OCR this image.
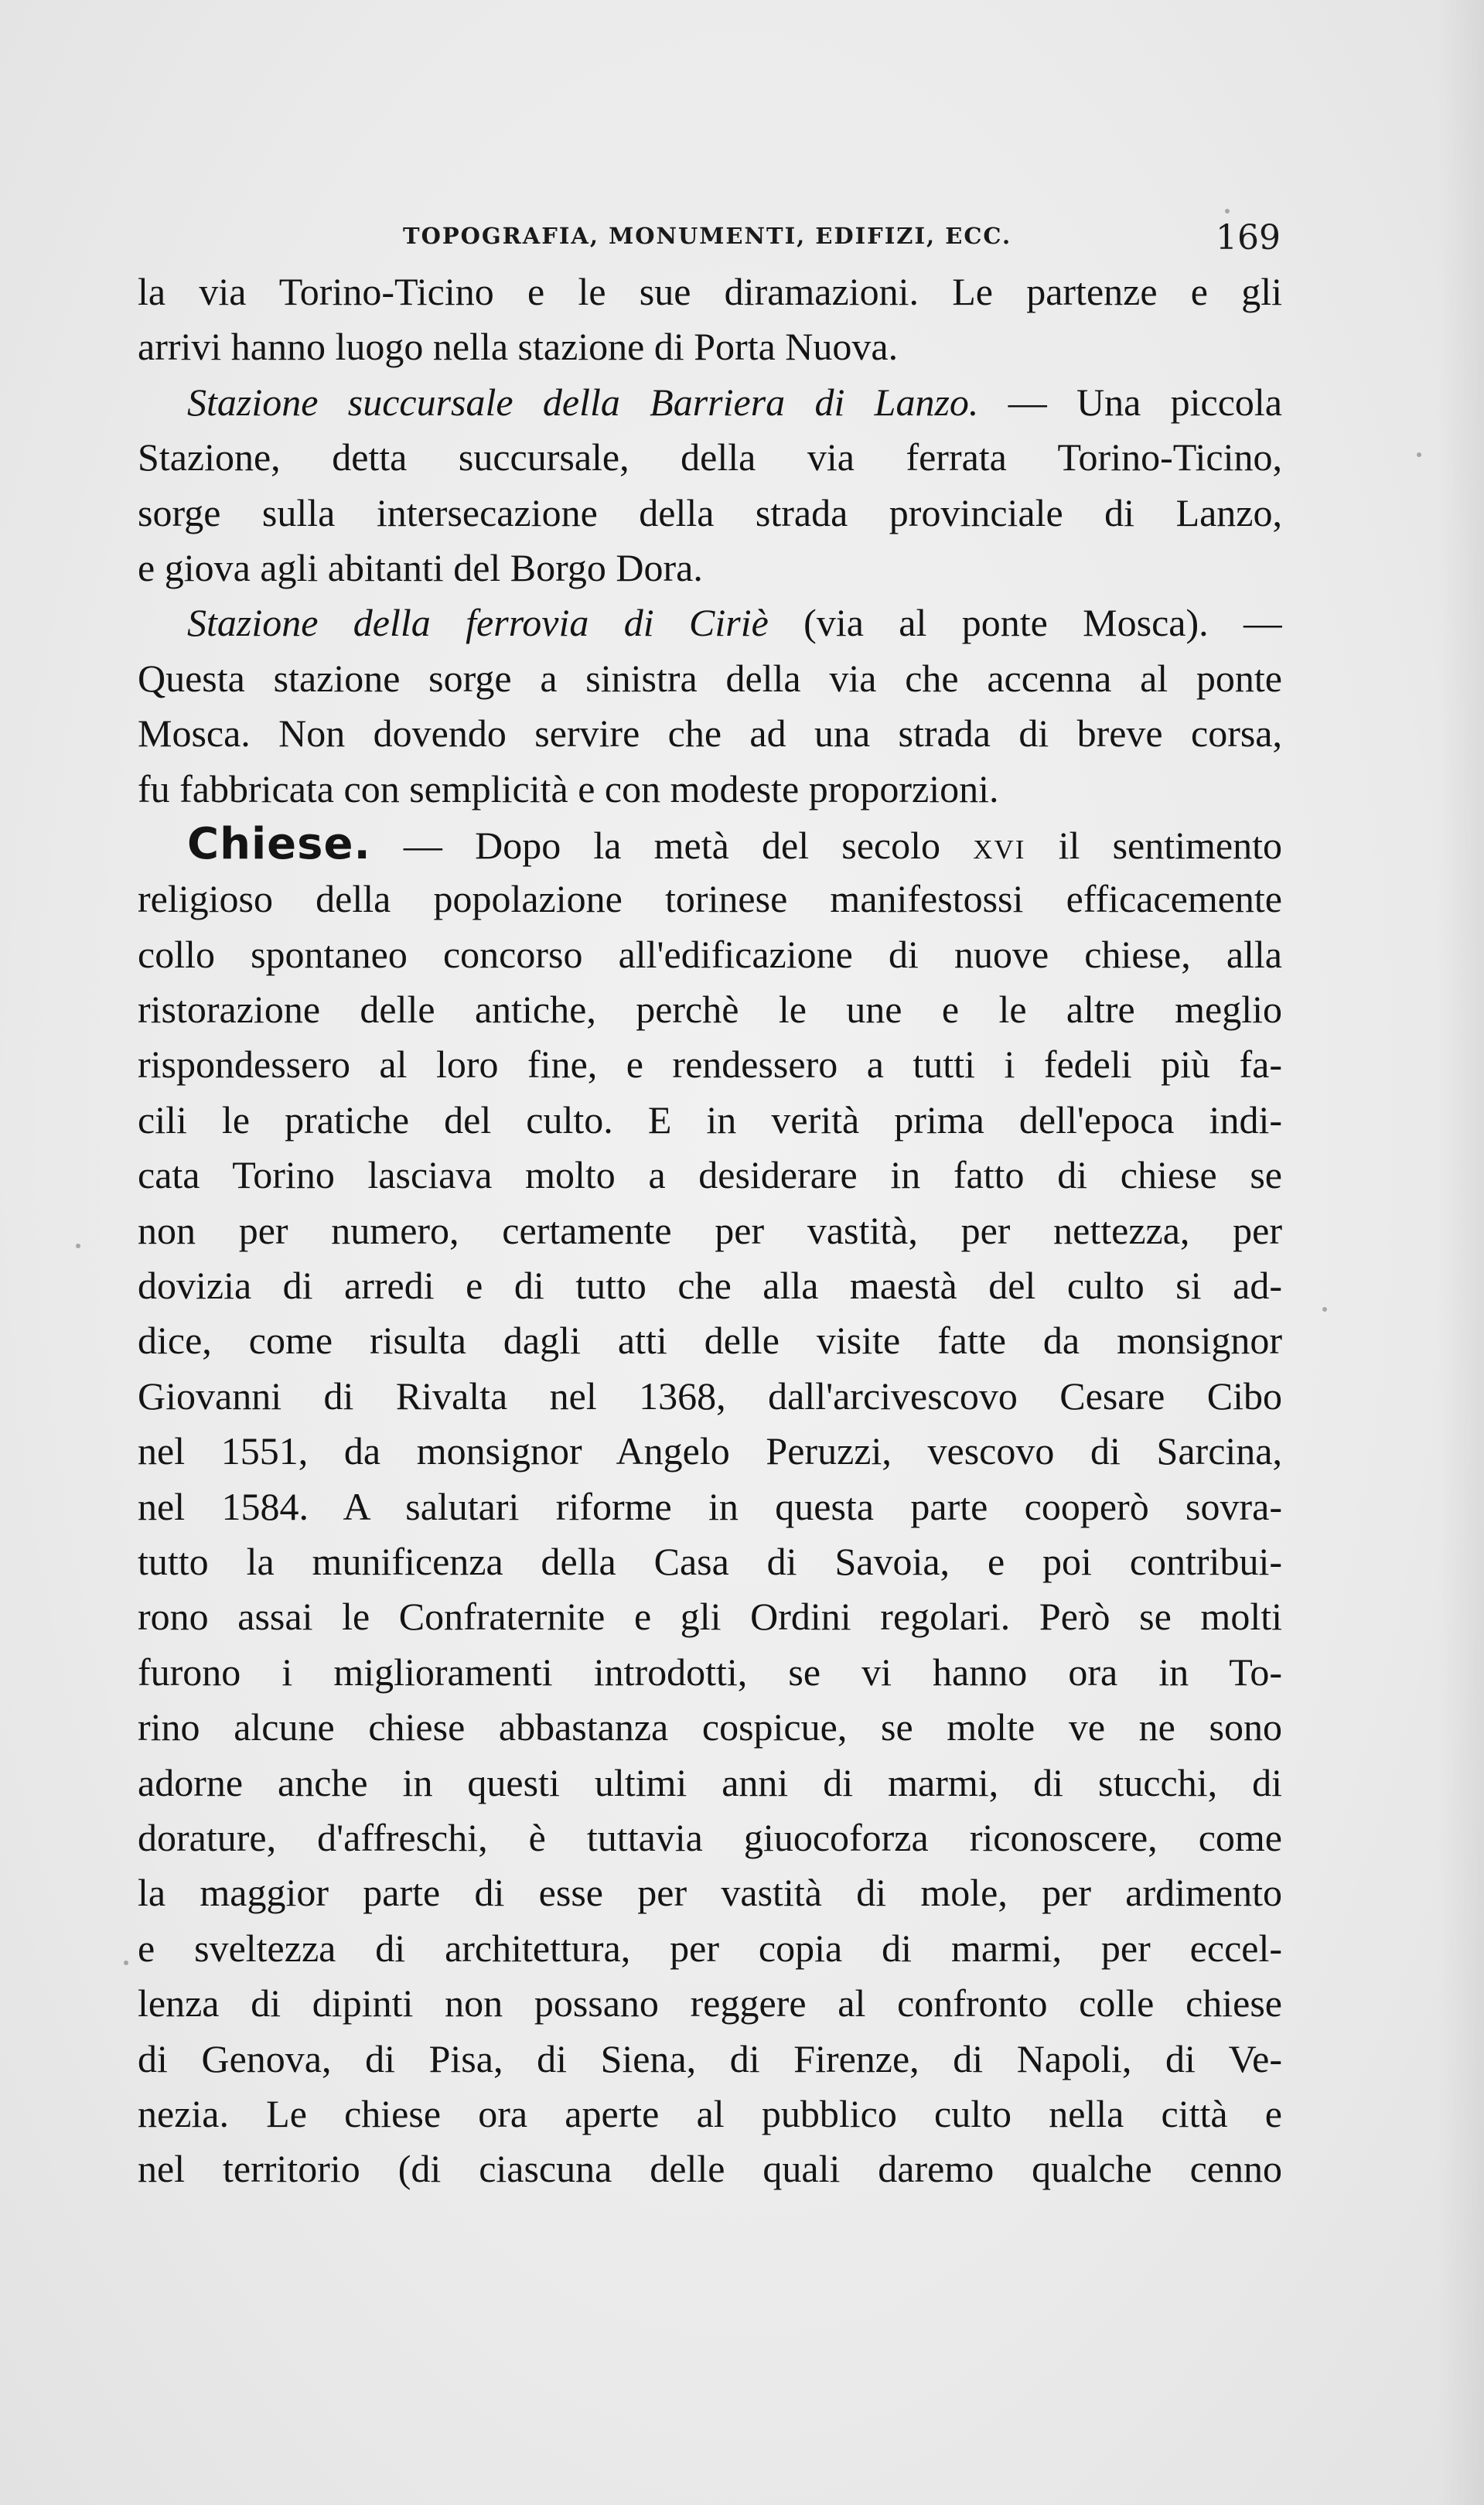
TOPOGRAFIA, MONUMENTI, EDIFIZI, ECC.	169
la via Torino-Ticino e le sue diramazioni. Le partenze e gli
arrivi hanno luogo nella stazione di Porta Nuova.
Stazione succursale della Barriera di Lanzo. — Una piccola
Stazione, detta succursale, della via ferrata Torino-Ticino,
sorge sulla intersecazione della strada provinciale di Lanzo,
e giova agli abitanti del Borgo Dora.
Stazione della ferrovia di Ciriè (via al ponte Mosca). —
Questa stazione sorge a sinistra della via che accenna al ponte
Mosca. Non dovendo servire che ad una strada di breve corsa,
fu fabbricata con semplicità e con modeste proporzioni.
Chiese. — Dopo la metà del secolo xvi il sentimento
religioso della popolazione torinese manifestossi efficacemente
collo spontaneo concorso all'edificazione di nuove chiese, alla
ristorazione delle antiche, perchè le une e le altre meglio
rispondessero al loro fine, e rendessero a tutti i fedeli più fa-
cili le pratiche del culto. E in verità prima dell'epoca indi-
cata Torino lasciava molto a desiderare in fatto di chiese se
non per numero, certamente per vastità, per nettezza, per
dovizia di arredi e di tutto che alla maestà del culto si ad-
dice, come risulta dagli atti delle visite fatte da monsignor
Giovanni di Rivalta nel 1368, dall'arcivescovo Cesare Cibo
nel 1551, da monsignor Angelo Peruzzi, vescovo di Sarcina,
nel 1584. A salutari riforme in questa parte cooperò sovra-
tutto la munificenza della Casa di Savoia, e poi contribui-
rono assai le Confraternite e gli Ordini regolari. Però se molti
furono i miglioramenti introdotti, se vi hanno ora in To-
rino alcune chiese abbastanza cospicue, se molte ve ne sono
adorne anche in questi ultimi anni di marmi, di stucchi, di
dorature, d'affreschi, è tuttavia giuocoforza riconoscere, come
la maggior parte di esse per vastità di mole, per ardimento
e sveltezza di architettura, per copia di marmi, per eccel-
lenza di dipinti non possano reggere al confronto colle chiese
di Genova, di Pisa, di Siena, di Firenze, di Napoli, di Ve-
nezia. Le chiese ora aperte al pubblico culto nella città e
nel territorio (di ciascuna delle quali daremo qualche cenno
